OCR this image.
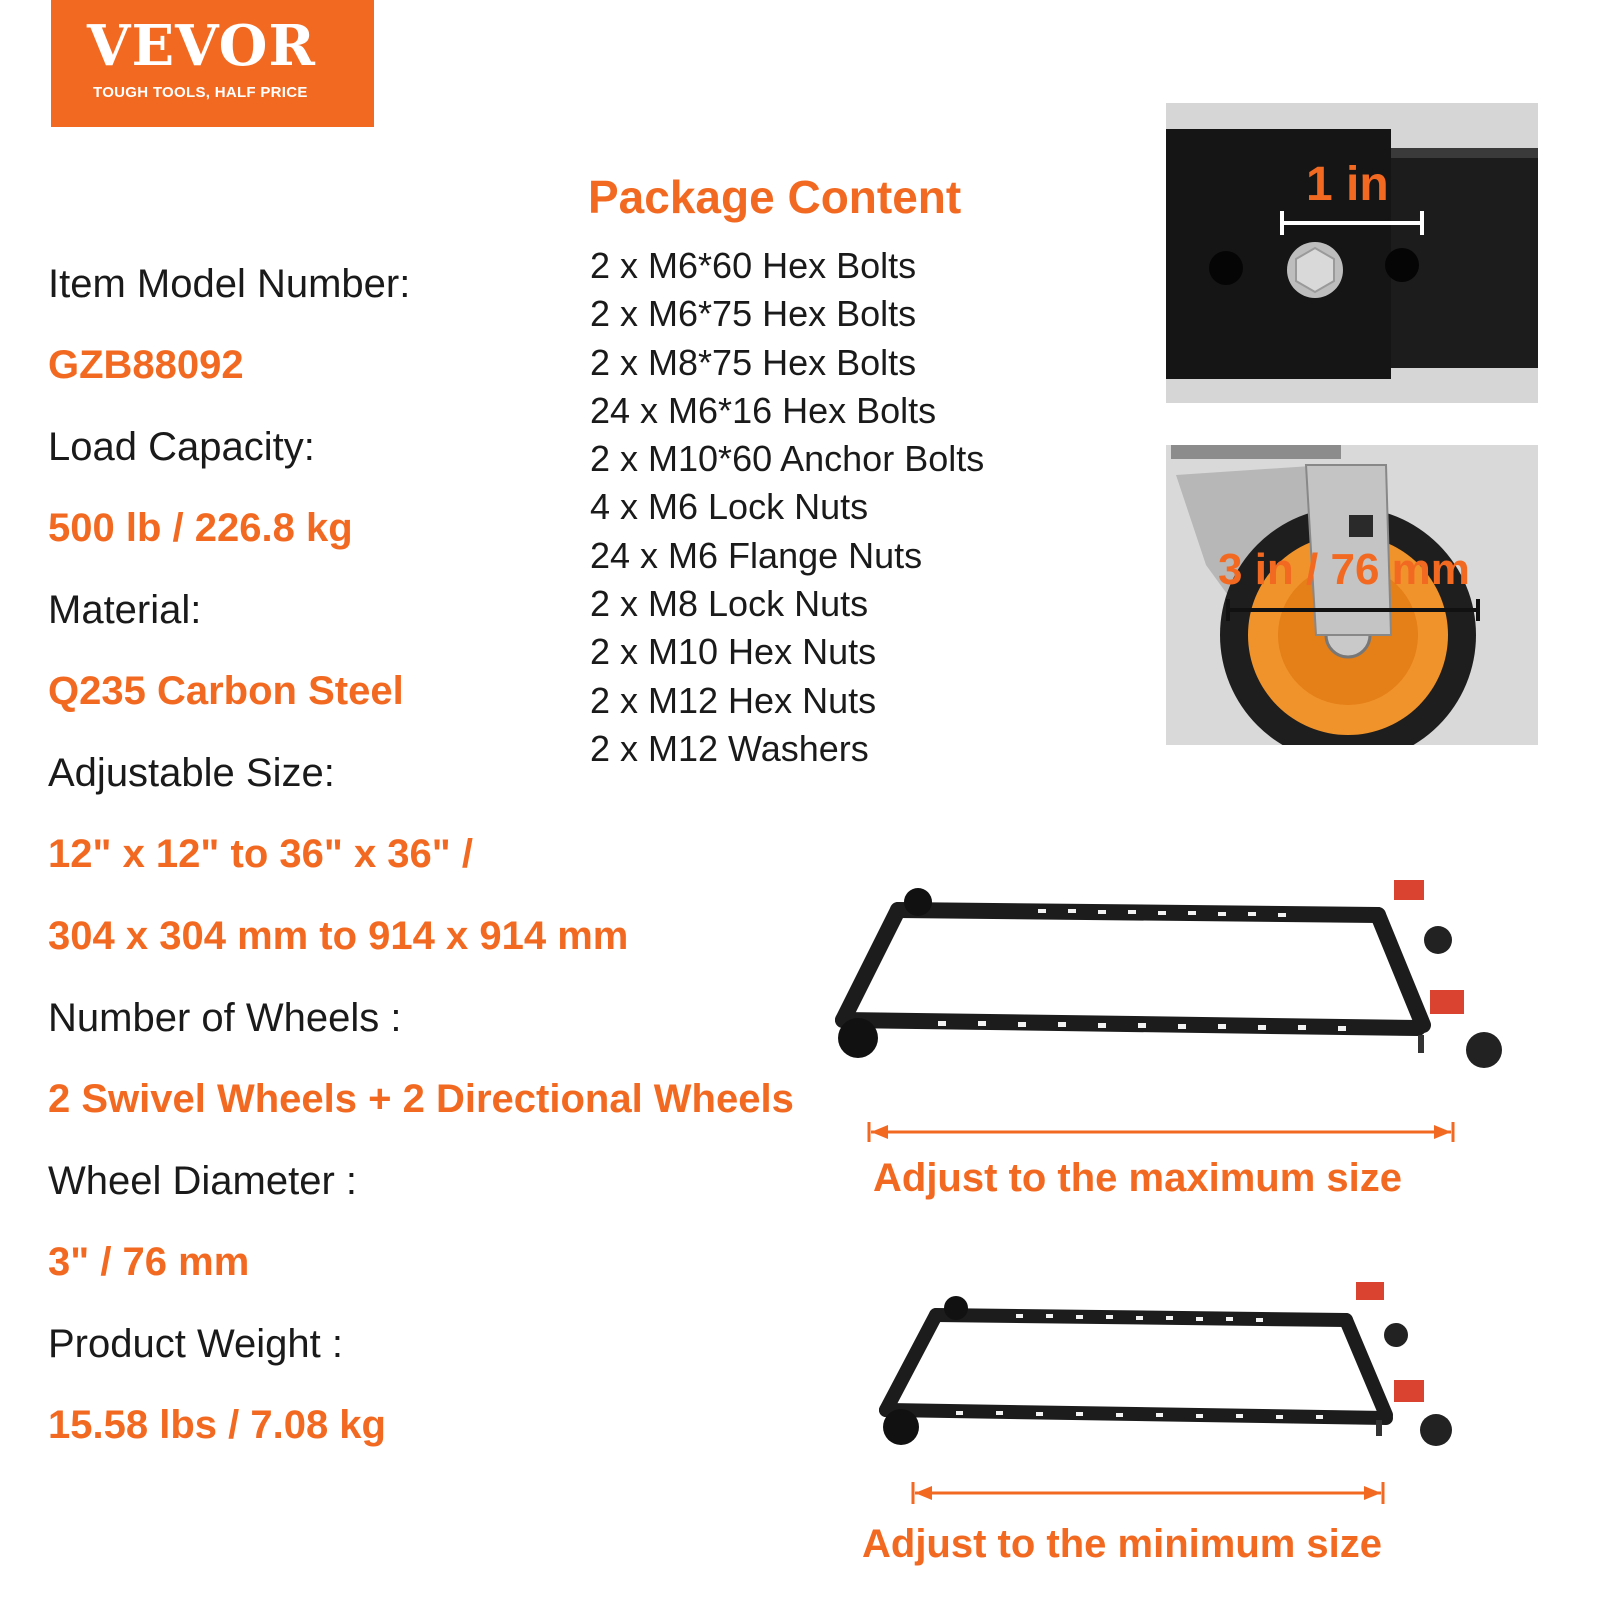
VEVOR	®
TOUGH TOOLS, HALF PRICE
Item Model Number:
GZB88092
Load Capacity:
500 lb / 226.8 kg
Material:
Q235 Carbon Steel
Adjustable Size:
12" x 12" to 36" x 36" /
304 x 304 mm to 914 x 914 mm
Number of Wheels :
2 Swivel Wheels + 2 Directional Wheels
Wheel Diameter :
3" / 76 mm
Product Weight :
15.58 lbs / 7.08 kg
Package Content
2 x M6*60 Hex Bolts
2 x M6*75 Hex Bolts
2 x M8*75 Hex Bolts
24 x M6*16 Hex Bolts
2 x M10*60 Anchor Bolts
4 x M6 Lock Nuts
24 x M6 Flange Nuts
2 x M8 Lock Nuts
2 x M10 Hex Nuts
2 x M12 Hex Nuts
2 x M12 Washers
1 in
3 in / 76 mm
Adjust to the maximum size
Adjust to the minimum size
